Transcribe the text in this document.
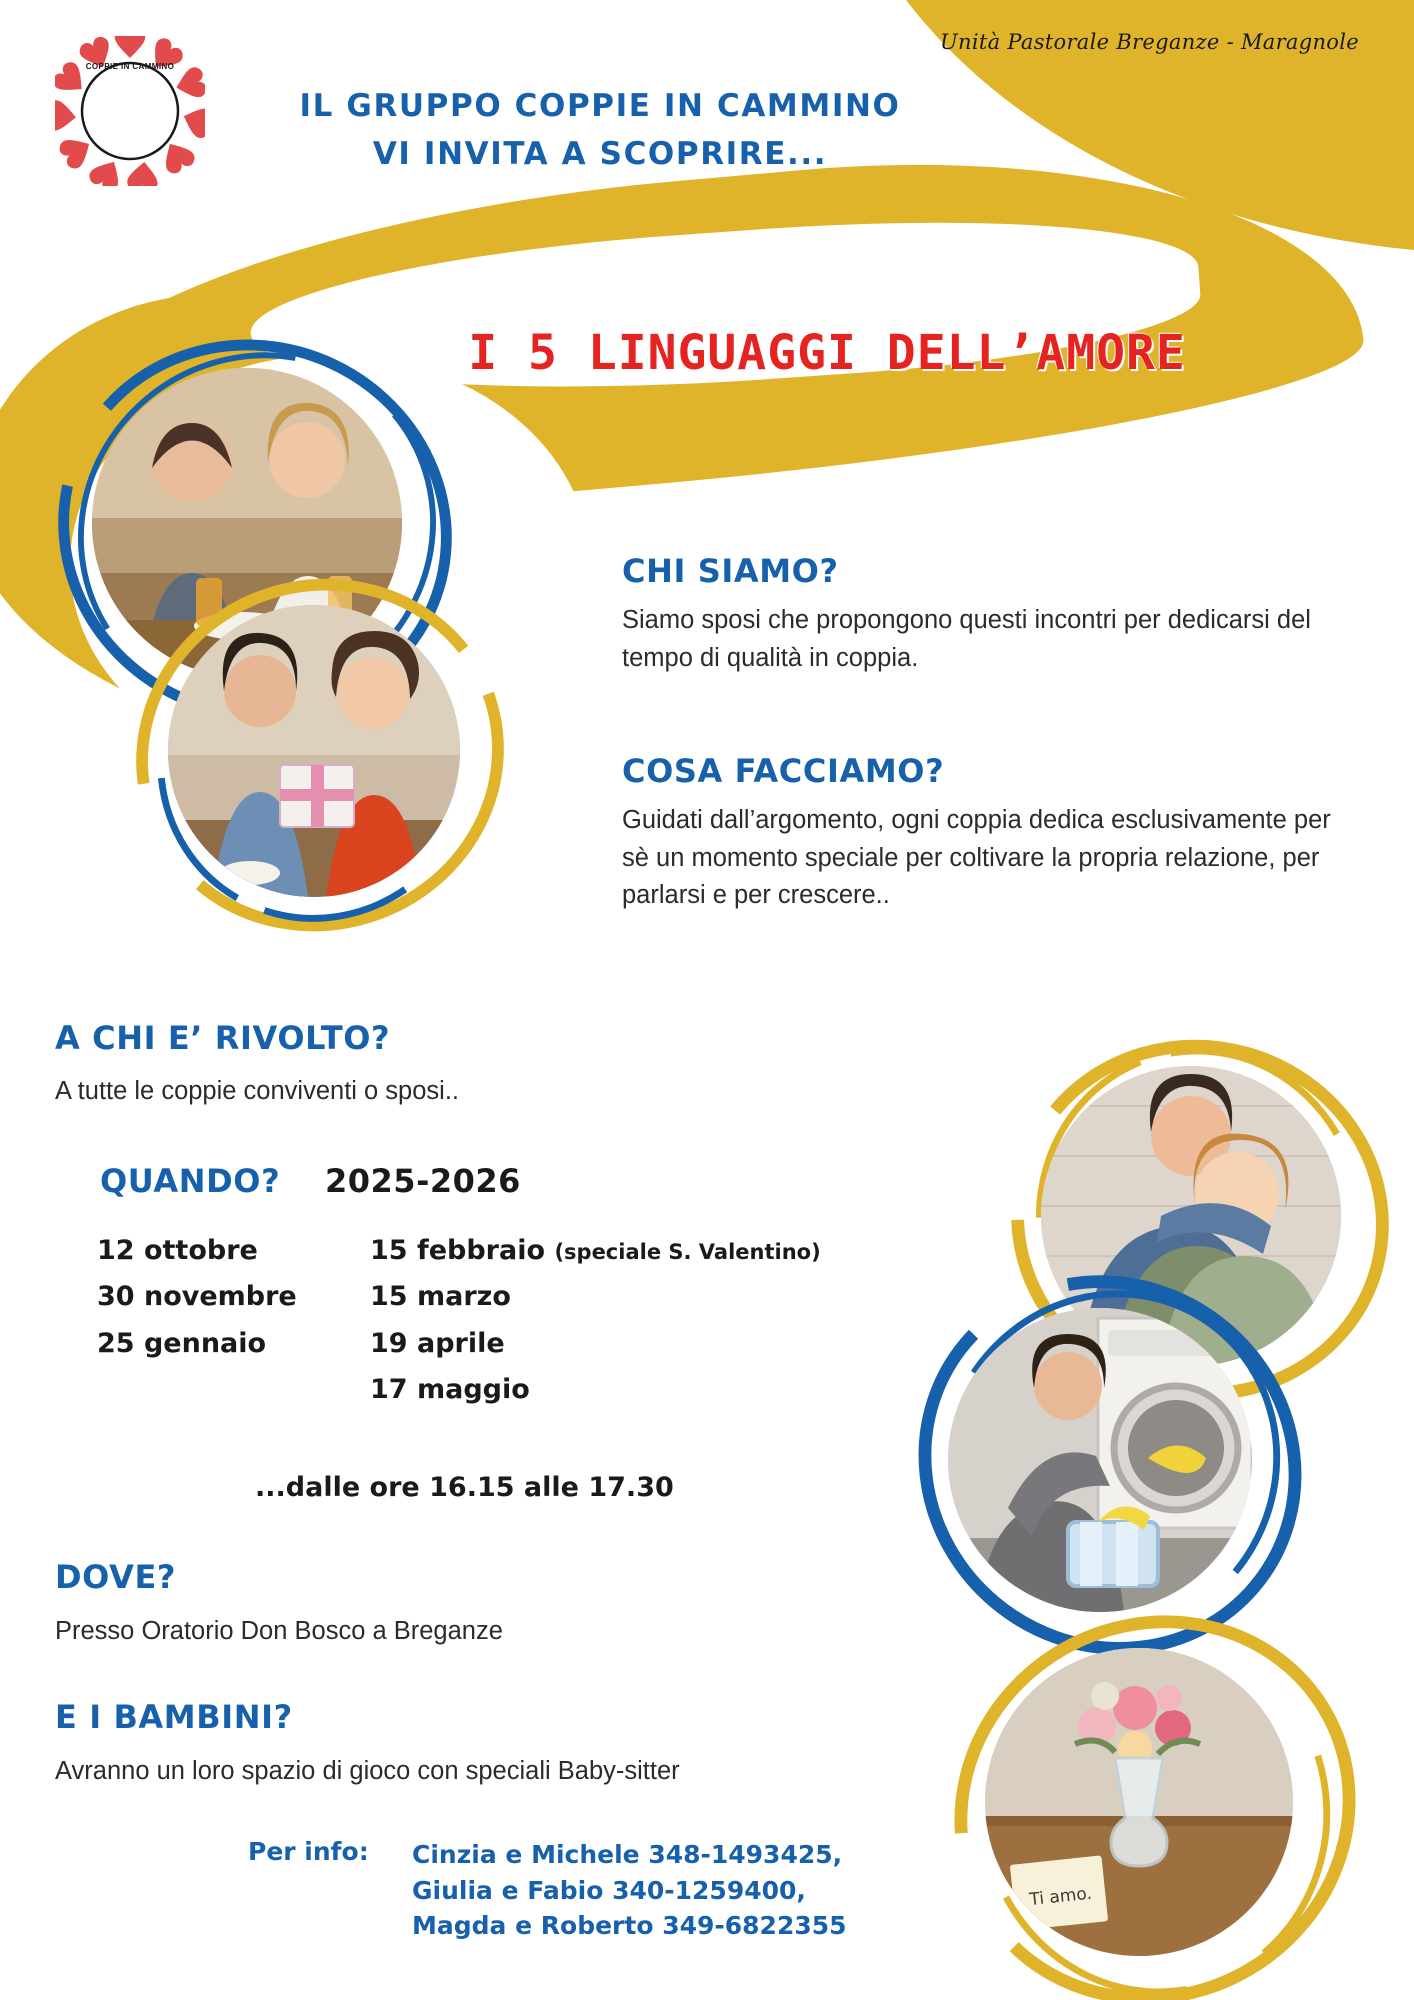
Unità Pastorale Breganze - Maragnole
COPPIE IN CAMMINO

IL GRUPPO COPPIE IN CAMMINO
VI INVITA A SCOPRIRE...
I 5 LINGUAGGI DELL’AMORE
Ti amo.
CHI SIAMO?
Siamo sposi che propongono questi incontri per dedicarsi del tempo di qualità in coppia.
COSA FACCIAMO?
Guidati dall’argomento, ogni coppia dedica esclusivamente per sè un momento speciale per coltivare la propria relazione, per parlarsi e per crescere..
A CHI E’ RIVOLTO?
A tutte le coppie conviventi o sposi..
QUANDO? 2025-2026
12 ottobre
30 novembre
25 gennaio
15 febbraio (speciale S. Valentino)
15 marzo
19 aprile
17 maggio
...dalle ore 16.15 alle 17.30
DOVE?
Presso Oratorio Don Bosco a Breganze
E I BAMBINI?
Avranno un loro spazio di gioco con speciali Baby-sitter
Per info: Cinzia e Michele 348-1493425,
Giulia e Fabio 340-1259400,
Magda e Roberto 349-6822355
